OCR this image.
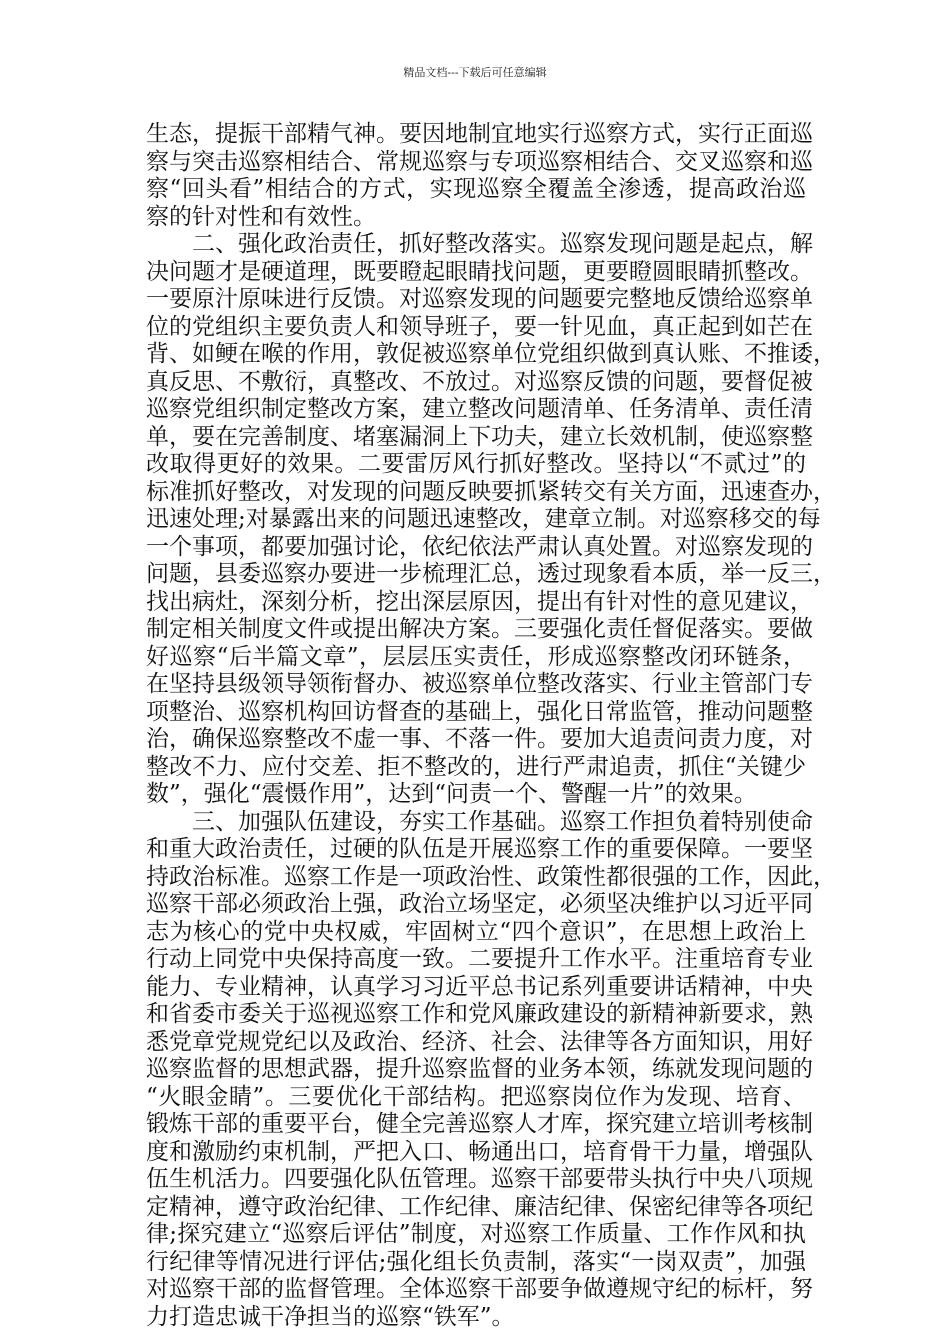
精品文档---下载后可任意编辑
生态，提振干部精气神。要因地制宜地实行巡察方式，实行正面巡
察与突击巡察相结合、常规巡察与专项巡察相结合、交叉巡察和巡
察“回头看”相结合的方式，实现巡察全覆盖全渗透，提高政治巡
察的针对性和有效性。
二、强化政治责任，抓好整改落实。巡察发现问题是起点，解
决问题才是硬道理，既要瞪起眼睛找问题，更要瞪圆眼睛抓整改。
一要原汁原味进行反馈。对巡察发现的问题要完整地反馈给巡察单
位的党组织主要负责人和领导班子，要一针见血，真正起到如芒在
背、如鲠在喉的作用，敦促被巡察单位党组织做到真认账、不推诿，
真反思、不敷衍，真整改、不放过。对巡察反馈的问题，要督促被
巡察党组织制定整改方案，建立整改问题清单、任务清单、责任清
单，要在完善制度、堵塞漏洞上下功夫，建立长效机制，使巡察整
改取得更好的效果。二要雷厉风行抓好整改。坚持以“不贰过”的
标准抓好整改，对发现的问题反映要抓紧转交有关方面，迅速查办，
迅速处理;对暴露出来的问题迅速整改，建章立制。对巡察移交的每
一个事项，都要加强讨论，依纪依法严肃认真处置。对巡察发现的
问题，县委巡察办要进一步梳理汇总，透过现象看本质，举一反三，
找出病灶，深刻分析，挖出深层原因，提出有针对性的意见建议，
制定相关制度文件或提出解决方案。三要强化责任督促落实。要做
好巡察“后半篇文章”，层层压实责任，形成巡察整改闭环链条，
在坚持县级领导领衔督办、被巡察单位整改落实、行业主管部门专
项整治、巡察机构回访督查的基础上，强化日常监管，推动问题整
治，确保巡察整改不虚一事、不落一件。要加大追责问责力度，对
整改不力、应付交差、拒不整改的，进行严肃追责，抓住“关键少
数”，强化“震慑作用”，达到“问责一个、警醒一片”的效果。
三、加强队伍建设，夯实工作基础。巡察工作担负着特别使命
和重大政治责任，过硬的队伍是开展巡察工作的重要保障。一要坚
持政治标准。巡察工作是一项政治性、政策性都很强的工作，因此，
巡察干部必须政治上强，政治立场坚定，必须坚决维护以习近平同
志为核心的党中央权威，牢固树立“四个意识”，在思想上政治上
行动上同党中央保持高度一致。二要提升工作水平。注重培育专业
能力、专业精神，认真学习习近平总书记系列重要讲话精神，中央
和省委市委关于巡视巡察工作和党风廉政建设的新精神新要求，熟
悉党章党规党纪以及政治、经济、社会、法律等各方面知识，用好
巡察监督的思想武器，提升巡察监督的业务本领，练就发现问题的
“火眼金睛”。三要优化干部结构。把巡察岗位作为发现、培育、
锻炼干部的重要平台，健全完善巡察人才库，探究建立培训考核制
度和激励约束机制，严把入口、畅通出口，培育骨干力量，增强队
伍生机活力。四要强化队伍管理。巡察干部要带头执行中央八项规
定精神，遵守政治纪律、工作纪律、廉洁纪律、保密纪律等各项纪
律;探究建立“巡察后评估”制度，对巡察工作质量、工作作风和执
行纪律等情况进行评估;强化组长负责制，落实“一岗双责”，加强
对巡察干部的监督管理。全体巡察干部要争做遵规守纪的标杆，努
力打造忠诚干净担当的巡察“铁军”。
